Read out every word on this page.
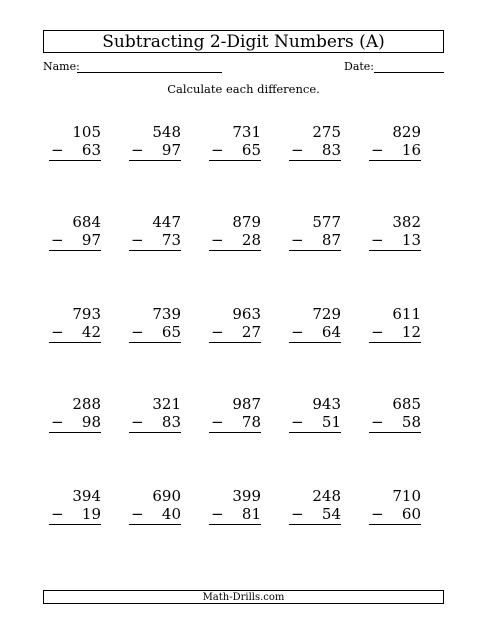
Subtracting 2-Digit Numbers (A)
Name:	Date:
Calculate each difference.
105
−	63
548
−	97
731
−	65
275
−	83
829
−	16
684
−	97
447
−	73
879
−	28
577
−	87
382
−	13
793
−	42
739
−	65
963
−	27
729
−	64
611
−	12
288
−	98
321
−	83
987
−	78
943
−	51
685
−	58
394
−	19
690
−	40
399
−	81
248
−	54
710
−	60
Math-Drills.com
